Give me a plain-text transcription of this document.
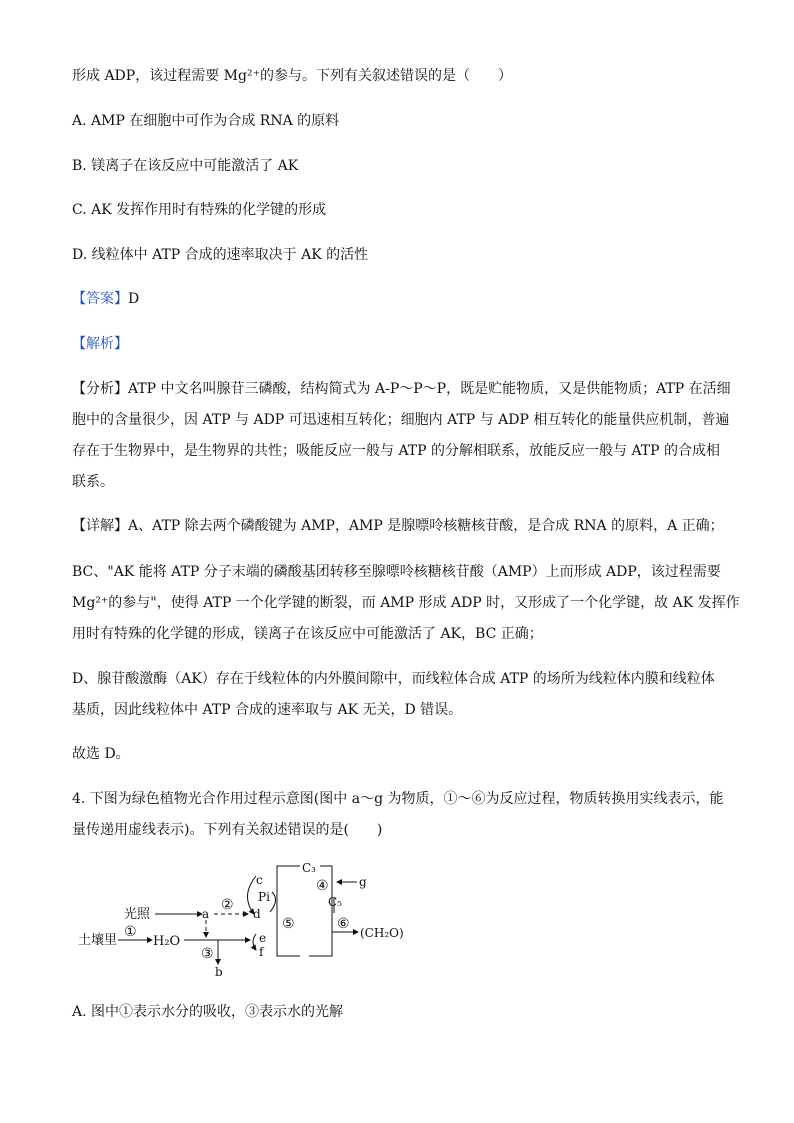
形成 ADP，该过程需要 Mg²⁺的参与。下列有关叙述错误的是（　　）
A. AMP 在细胞中可作为合成 RNA 的原料
B. 镁离子在该反应中可能激活了 AK
C. AK 发挥作用时有特殊的化学键的形成
D. 线粒体中 ATP 合成的速率取决于 AK 的活性
【答案】D
【解析】
【分析】ATP 中文名叫腺苷三磷酸，结构简式为 A-P～P～P，既是贮能物质，又是供能物质；ATP 在活细
胞中的含量很少，因 ATP 与 ADP 可迅速相互转化；细胞内 ATP 与 ADP 相互转化的能量供应机制，普遍
存在于生物界中，是生物界的共性；吸能反应一般与 ATP 的分解相联系，放能反应一般与 ATP 的合成相
联系。
【详解】A、ATP 除去两个磷酸键为 AMP，AMP 是腺嘌呤核糖核苷酸，是合成 RNA 的原料，A 正确；
BC、"AK 能将 ATP 分子末端的磷酸基团转移至腺嘌呤核糖核苷酸（AMP）上而形成 ADP，该过程需要
Mg²⁺的参与"，使得 ATP 一个化学键的断裂，而 AMP 形成 ADP 时，又形成了一个化学键，故 AK 发挥作
用时有特殊的化学键的形成，镁离子在该反应中可能激活了 AK，BC 正确；
D、腺苷酸激酶（AK）存在于线粒体的内外膜间隙中，而线粒体合成 ATP 的场所为线粒体内膜和线粒体
基质，因此线粒体中 ATP 合成的速率取与 AK 无关，D 错误。
故选 D。
4. 下图为绿色植物光合作用过程示意图(图中 a～g 为物质，①～⑥为反应过程，物质转换用实线表示，能
量传递用虚线表示)。下列有关叙述错误的是(　　)
光照	a
②
土壤里
①
H₂O
③
b
c
Pi
d
e
f
⑤
C₃
④	g
C₅
⑥
(CH₂O)
A. 图中①表示水分的吸收，③表示水的光解
